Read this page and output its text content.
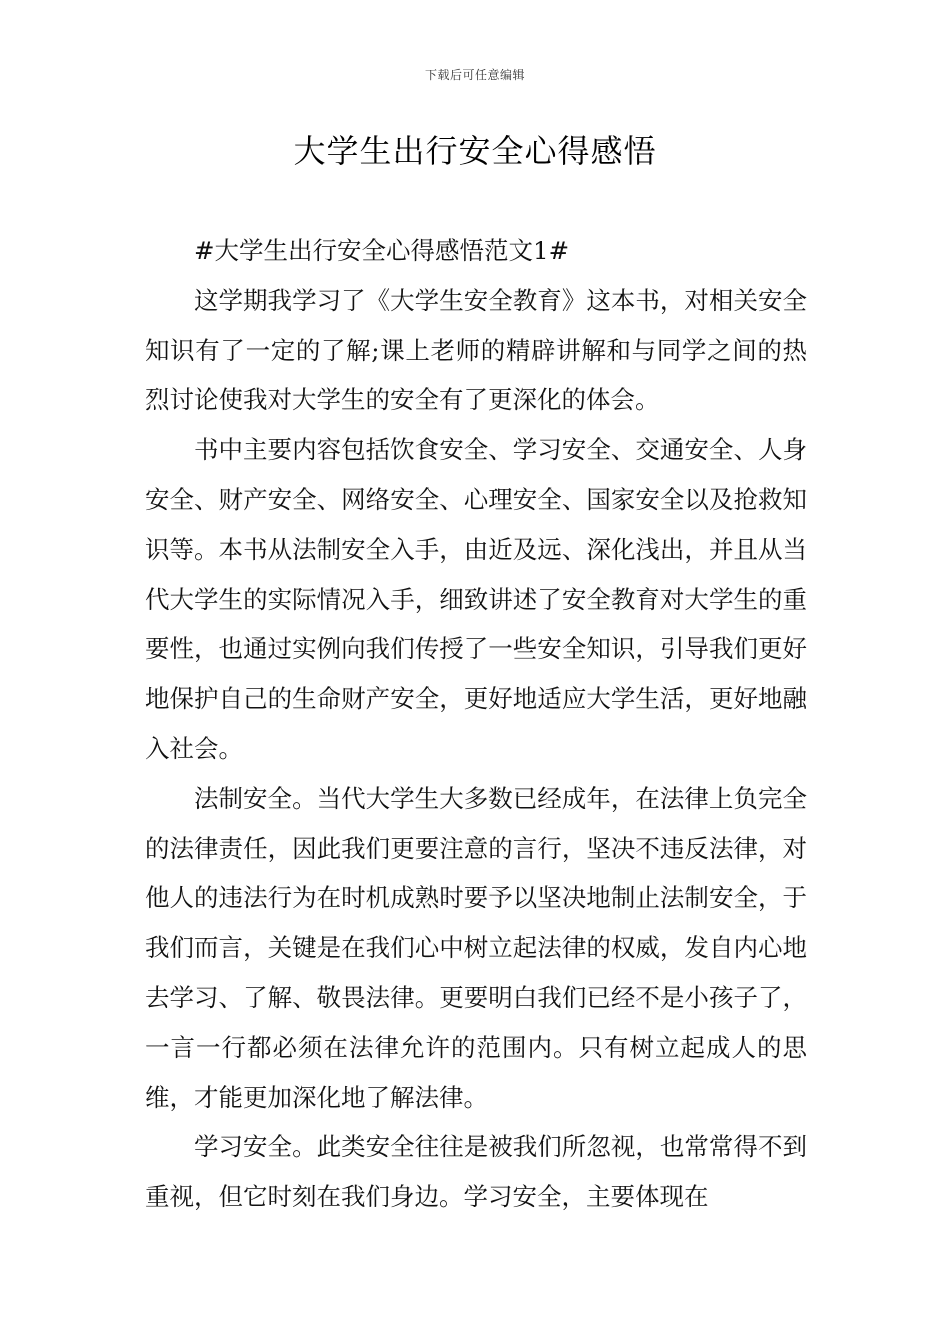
下载后可任意编辑
大学生出行安全心得感悟

#大学生出行安全心得感悟范文1#

这学期我学习了《大学生安全教育》这本书，对相关安全知识有了一定的了解;课上老师的精辟讲解和与同学之间的热烈讨论使我对大学生的安全有了更深化的体会。

书中主要内容包括饮食安全、学习安全、交通安全、人身安全、财产安全、网络安全、心理安全、国家安全以及抢救知识等。本书从法制安全入手，由近及远、深化浅出，并且从当代大学生的实际情况入手，细致讲述了安全教育对大学生的重要性，也通过实例向我们传授了一些安全知识，引导我们更好地保护自己的生命财产安全，更好地适应大学生活，更好地融入社会。

法制安全。当代大学生大多数已经成年，在法律上负完全的法律责任，因此我们更要注意的言行，坚决不违反法律，对他人的违法行为在时机成熟时要予以坚决地制止法制安全，于我们而言，关键是在我们心中树立起法律的权威，发自内心地去学习、了解、敬畏法律。更要明白我们已经不是小孩子了，一言一行都必须在法律允许的范围内。只有树立起成人的思维，才能更加深化地了解法律。

学习安全。此类安全往往是被我们所忽视，也常常得不到重视，但它时刻在我们身边。学习安全，主要体现在
